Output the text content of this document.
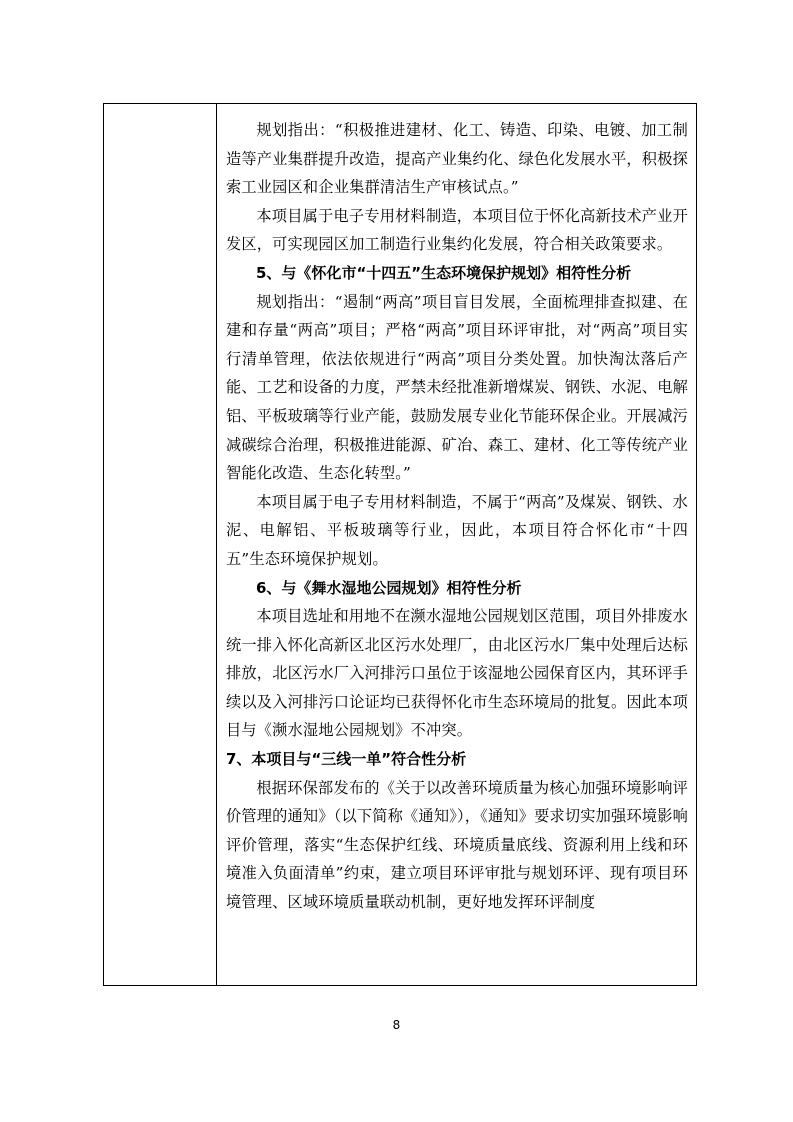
规划指出：“积极推进建材、化工、铸造、印染、电镀、加工制造等产业集群提升改造，提高产业集约化、绿色化发展水平，积极探索工业园区和企业集群清洁生产审核试点。”

本项目属于电子专用材料制造，本项目位于怀化高新技术产业开发区，可实现园区加工制造行业集约化发展，符合相关政策要求。

5、与《怀化市“十四五”生态环境保护规划》相符性分析

规划指出：“遏制“两高”项目盲目发展，全面梳理排查拟建、在建和存量“两高”项目；严格“两高”项目环评审批，对“两高”项目实行清单管理，依法依规进行“两高”项目分类处置。加快淘汰落后产能、工艺和设备的力度，严禁未经批准新增煤炭、钢铁、水泥、电解铝、平板玻璃等行业产能，鼓励发展专业化节能环保企业。开展减污减碳综合治理，积极推进能源、矿冶、森工、建材、化工等传统产业智能化改造、生态化转型。”

本项目属于电子专用材料制造，不属于“两高”及煤炭、钢铁、水泥、电解铝、平板玻璃等行业，因此，本项目符合怀化市“十四五”生态环境保护规划。

6、与《舞水湿地公园规划》相符性分析

本项目选址和用地不在濒水湿地公园规划区范围，项目外排废水统一排入怀化高新区北区污水处理厂，由北区污水厂集中处理后达标排放，北区污水厂入河排污口虽位于该湿地公园保育区内，其环评手续以及入河排污口论证均已获得怀化市生态环境局的批复。因此本项目与《濒水湿地公园规划》不冲突。

7、本项目与“三线一单”符合性分析

根据环保部发布的《关于以改善环境质量为核心加强环境影响评价管理的通知》（以下简称《通知》），《通知》要求切实加强环境影响评价管理，落实“生态保护红线、环境质量底线、资源利用上线和环境准入负面清单”约束，建立项目环评审批与规划环评、现有项目环境管理、区域环境质量联动机制，更好地发挥环评制度

8
